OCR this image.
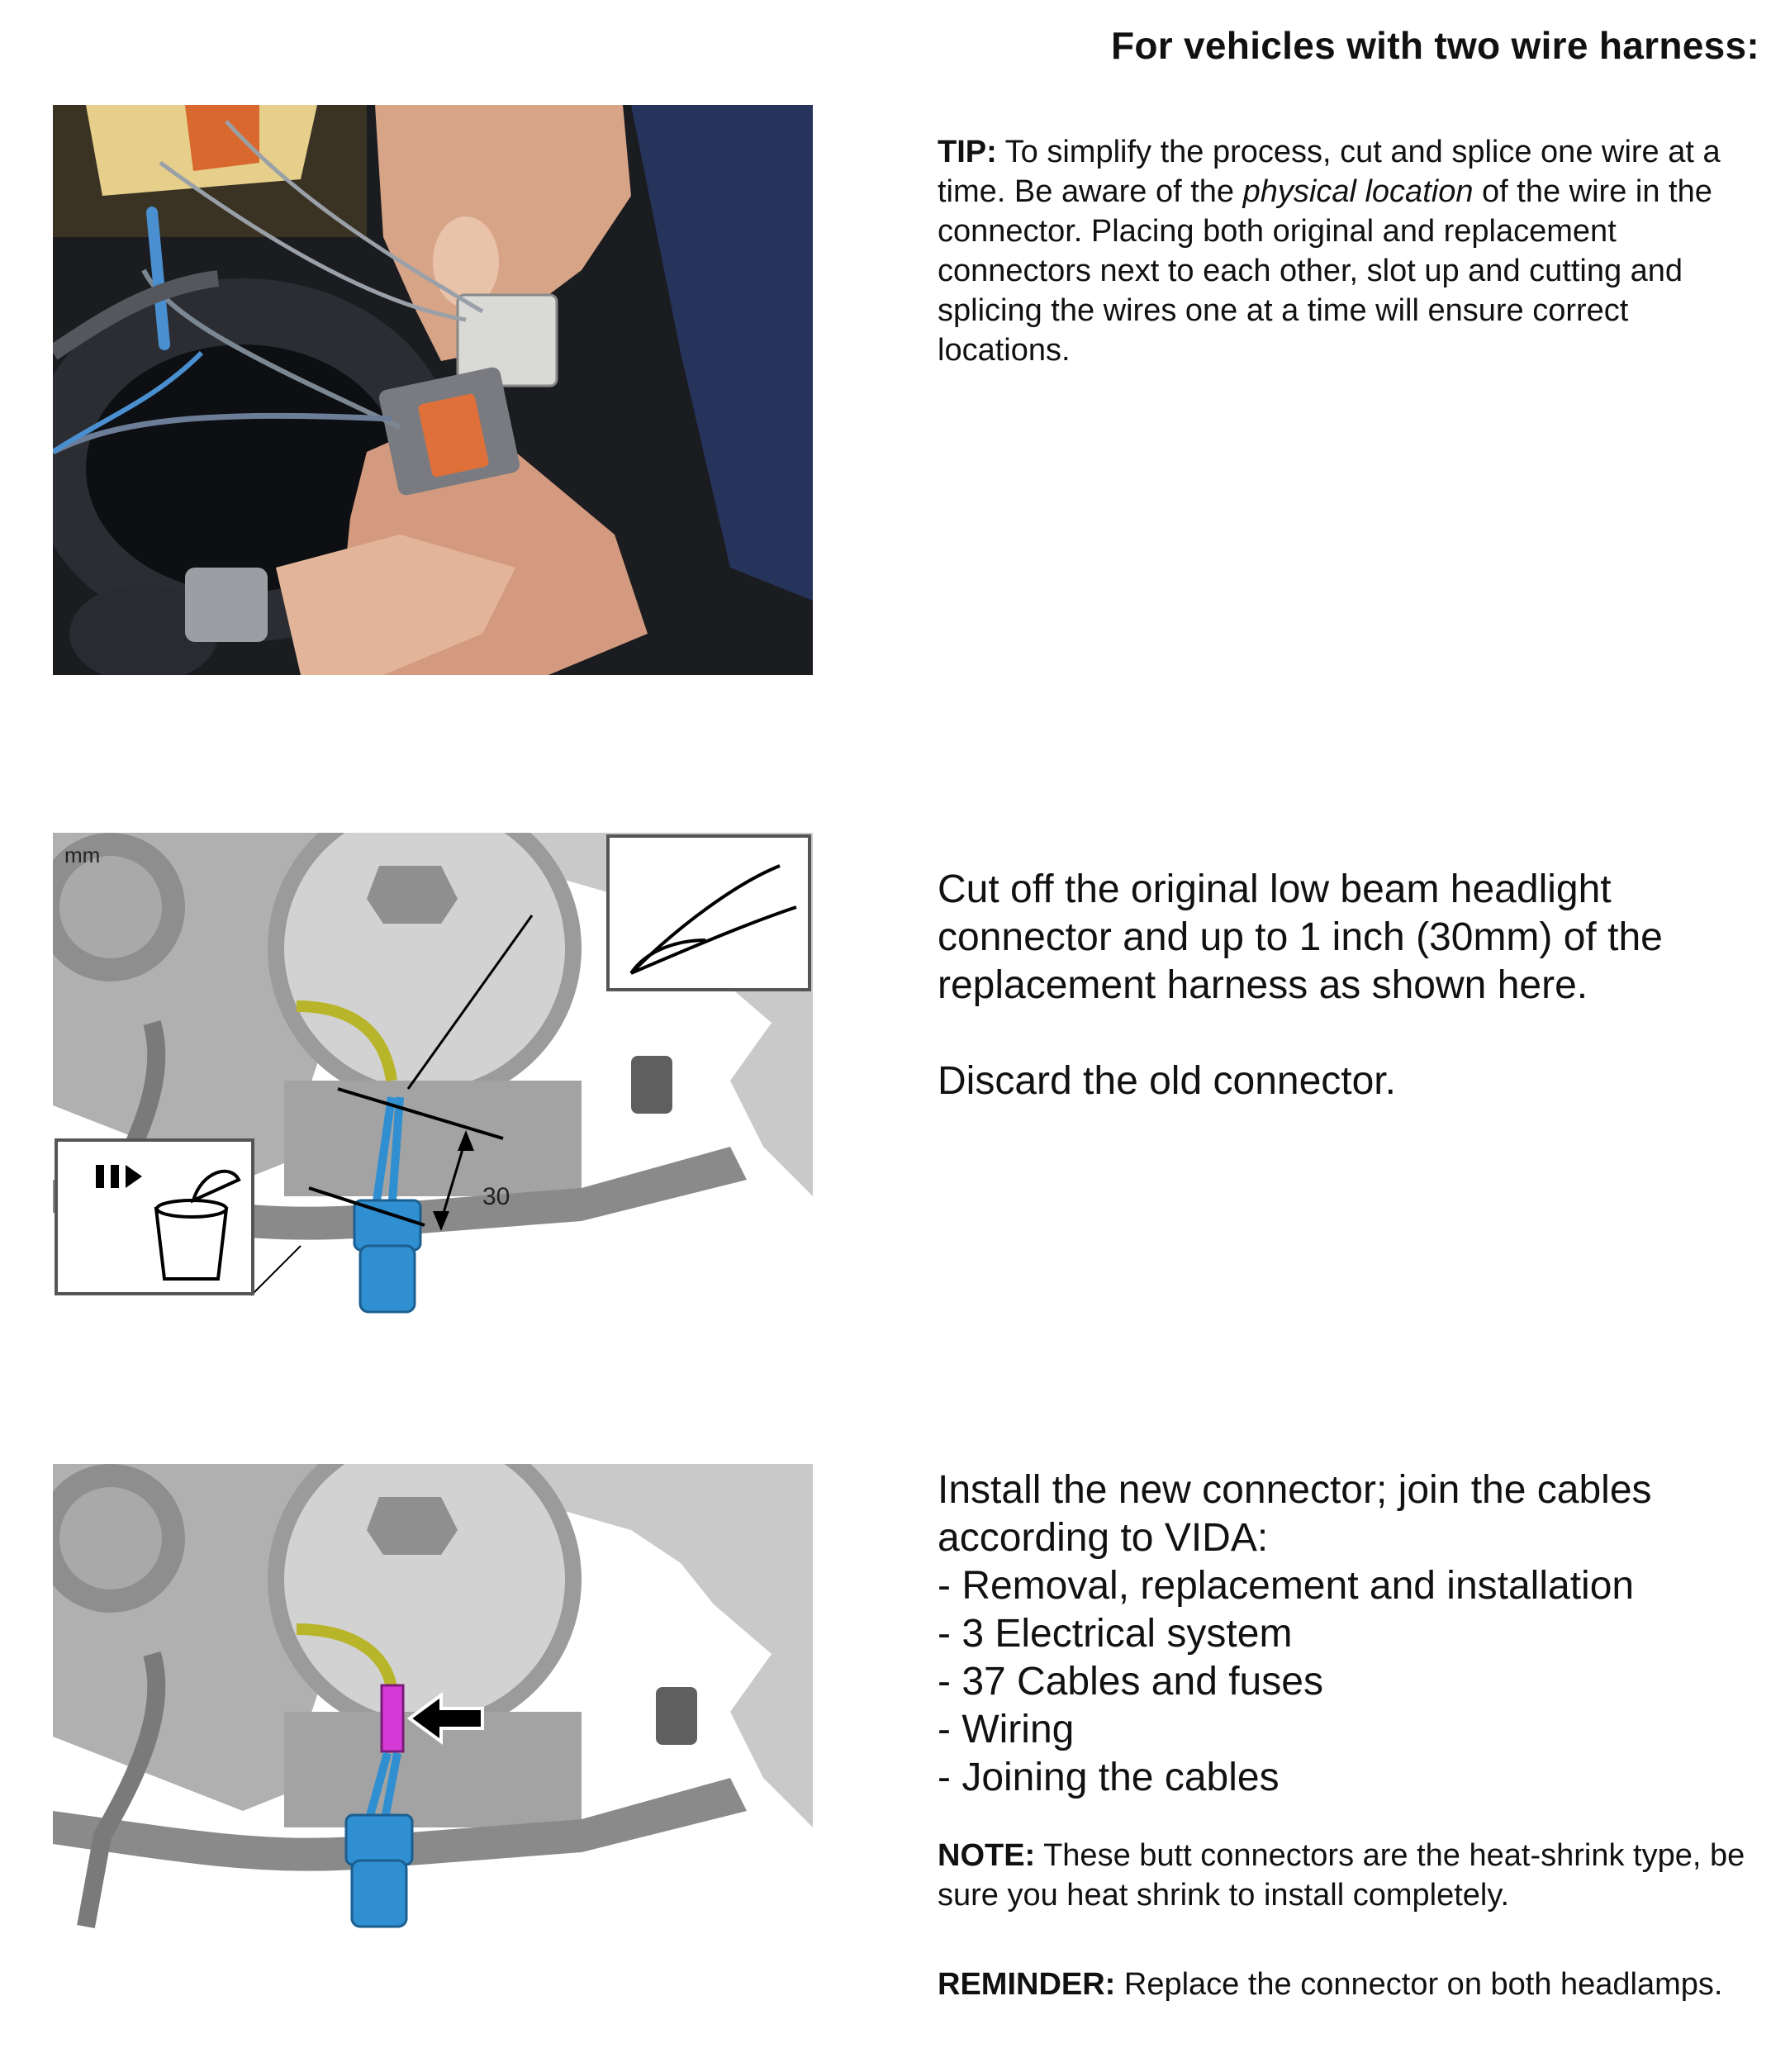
For vehicles with two wire harness:
30
mm
TIP: To simplify the process, cut and splice one wire at a time. Be aware of the physical location of the wire in the connector. Placing both original and replacement connectors next to each other, slot up and cutting and splicing the wires one at a time will ensure correct locations.

Cut off the original low beam headlight connector and up to 1 inch (30mm) of the replacement harness as shown here.

Discard the old connector.

Install the new connector; join the cables according to VIDA:
- Removal, replacement and installation
- 3 Electrical system
- 37 Cables and fuses
- Wiring
- Joining the cables
NOTE: These butt connectors are the heat-shrink type, be sure you heat shrink to install completely.
REMINDER: Replace the connector on both headlamps.
